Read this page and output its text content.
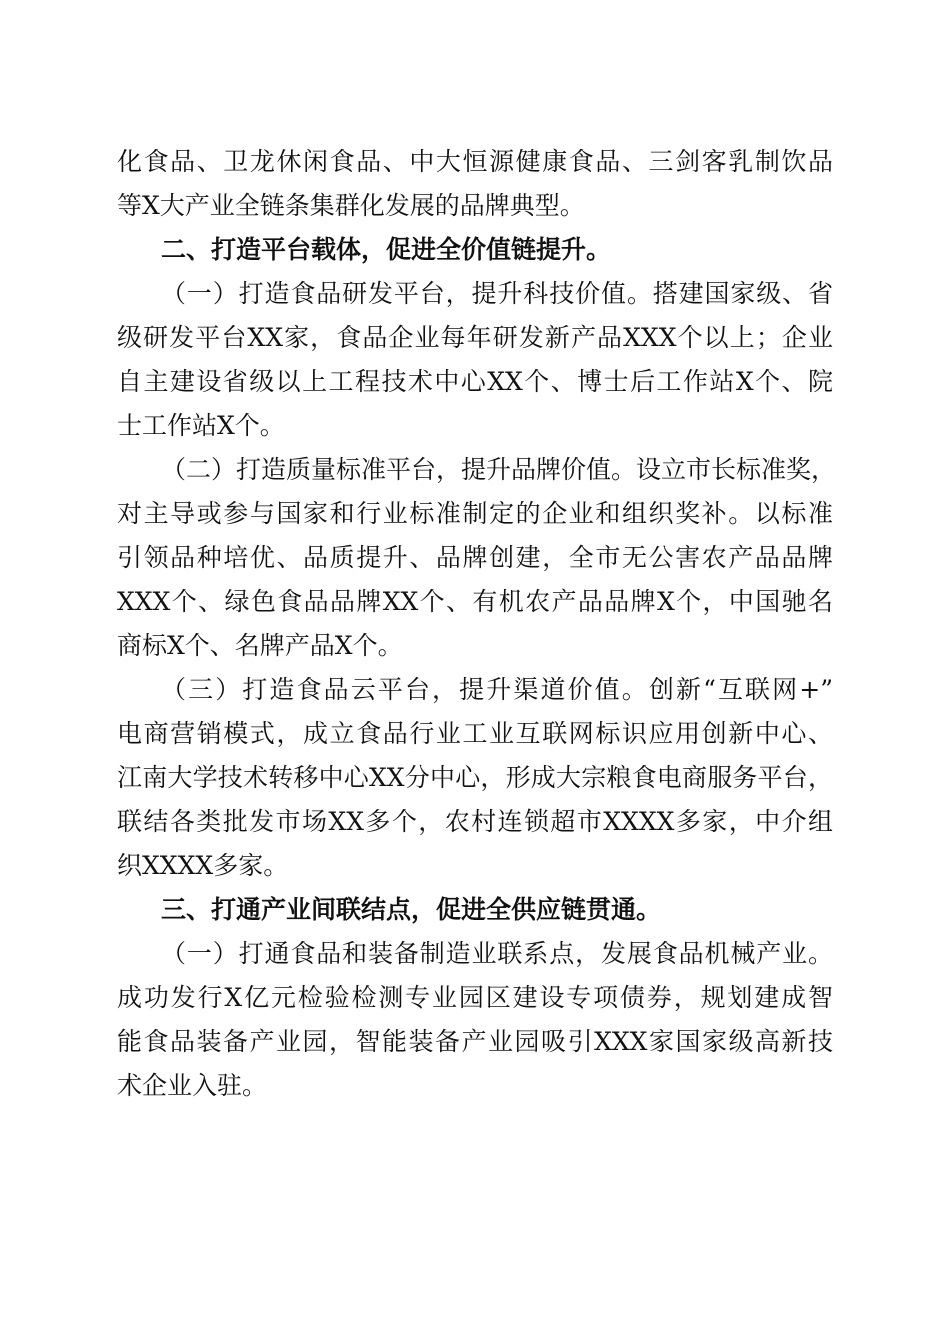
化食品、卫龙休闲食品、中大恒源健康食品、三剑客乳制饮品
等X大产业全链条集群化发展的品牌典型。
二、打造平台载体，促进全价值链提升。
（一）打造食品研发平台，提升科技价值。搭建国家级、省
级研发平台XX家，食品企业每年研发新产品XXX个以上；企业
自主建设省级以上工程技术中心XX个、博士后工作站X个、院
士工作站X个。
（二）打造质量标准平台，提升品牌价值。设立市长标准奖，
对主导或参与国家和行业标准制定的企业和组织奖补。以标准
引领品种培优、品质提升、品牌创建，全市无公害农产品品牌
XXX个、绿色食品品牌XX个、有机农产品品牌X个，中国驰名
商标X个、名牌产品X个。
（三）打造食品云平台，提升渠道价值。创新“互联网+”
电商营销模式，成立食品行业工业互联网标识应用创新中心、
江南大学技术转移中心XX分中心，形成大宗粮食电商服务平台，
联结各类批发市场XX多个，农村连锁超市XXXX多家，中介组
织XXXX多家。
三、打通产业间联结点，促进全供应链贯通。
（一）打通食品和装备制造业联系点，发展食品机械产业。
成功发行X亿元检验检测专业园区建设专项债券，规划建成智
能食品装备产业园，智能装备产业园吸引XXX家国家级高新技
术企业入驻。
